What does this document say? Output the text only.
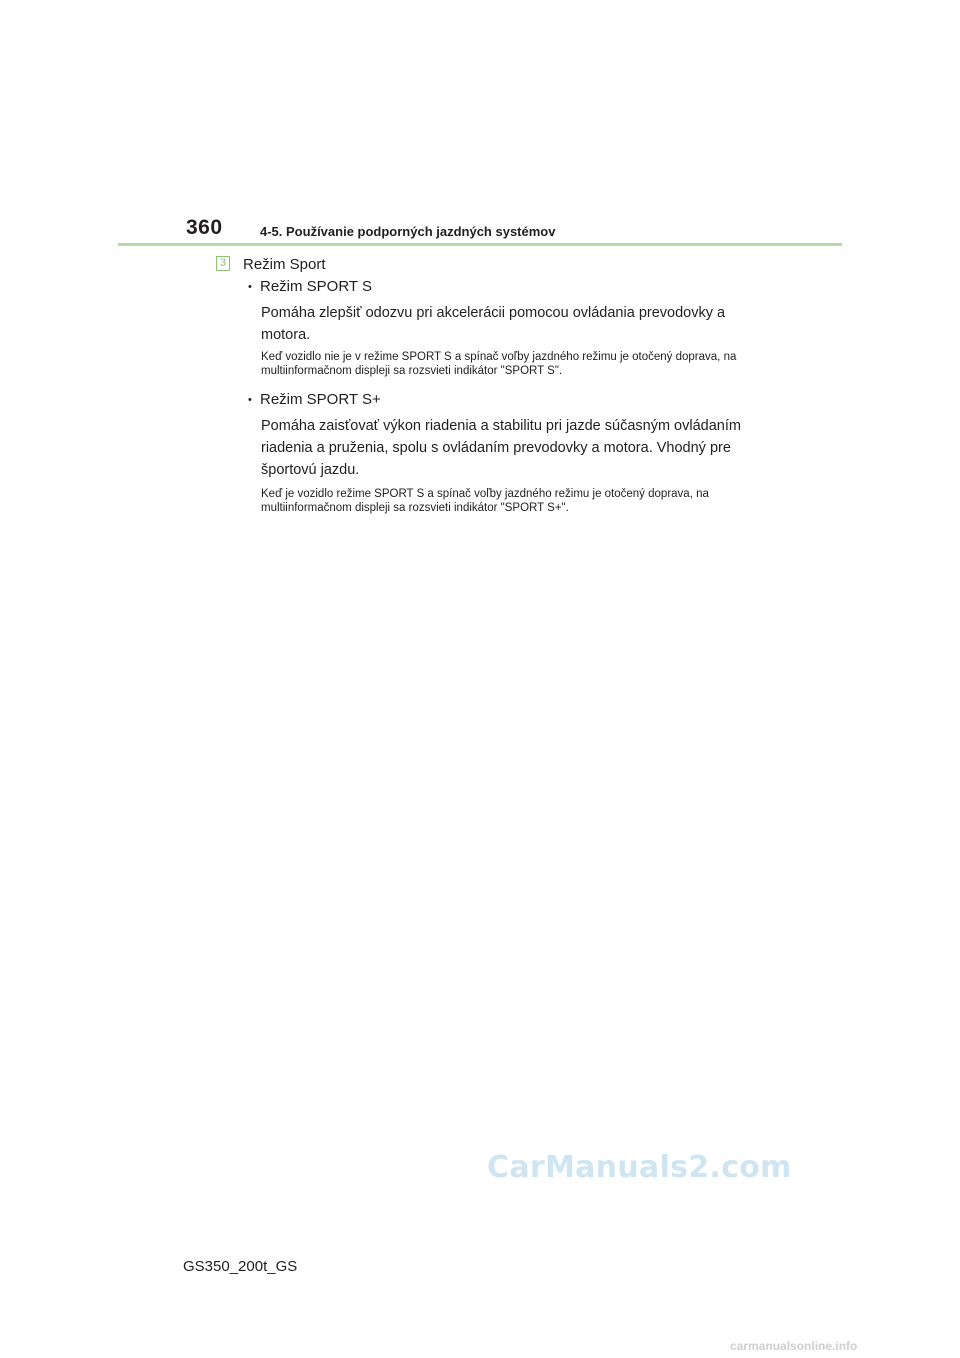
360	4-5. Používanie podporných jazdných systémov
3 Režim Sport
• Režim SPORT S
Pomáha zlepšiť odozvu pri akcelerácii pomocou ovládania prevodovky a motora.
Keď vozidlo nie je v režime SPORT S a spínač voľby jazdného režimu je otočený doprava, na multiinformačnom displeji sa rozsvieti indikátor "SPORT S".
• Režim SPORT S+
Pomáha zaisťovať výkon riadenia a stabilitu pri jazde súčasným ovládaním riadenia a pruženia, spolu s ovládaním prevodovky a motora. Vhodný pre športovú jazdu.
Keď je vozidlo režime SPORT S a spínač voľby jazdného režimu je otočený doprava, na multiinformačnom displeji sa rozsvieti indikátor "SPORT S+".
CarManuals2.com
GS350_200t_GS
carmanualsonline.info
